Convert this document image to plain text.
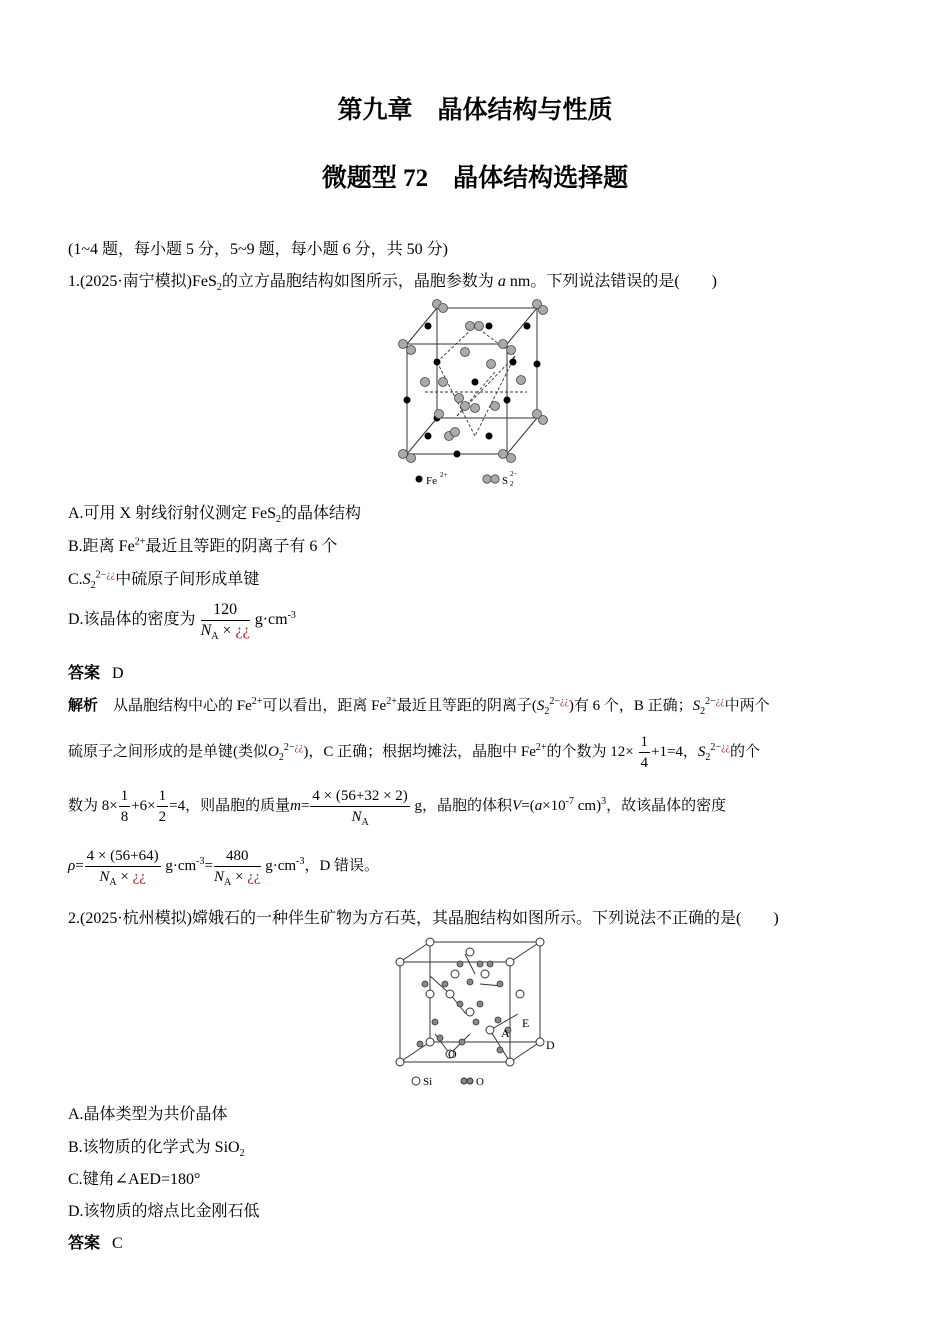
第九章　晶体结构与性质
微题型 72　晶体结构选择题
(1~4 题，每小题 5 分，5~9 题，每小题 6 分，共 50 分)
1.(2025·南宁模拟)FeS$_2$的立方晶胞结构如图所示，晶胞参数为 a nm。下列说法错误的是(　　)
Fe 2+	S
2−
2
A.可用 X 射线衍射仪测定 FeS$_2$的晶体结构
B.距离 $Fe^{2+}$最近且等距的阴离子有 6 个
$C.S_2^{2-¿¿}$中硫原子间形成单键
D.该晶体的密度为 $\frac{120}{N_A \times ¿¿} g\cdot cm^{-3}$
答案 D
解析 从晶胞结构中心的 $Fe^{2+}$可以看出，距离 $Fe^{2+}$最近且等距的阴离子$(S_2^{2-¿¿})$有 6 个，B 正确；$S_2^{2-¿¿}$中两个
硫原子之间形成的是单键(类似$O_2^{2-¿¿}$)，C 正确；根据均摊法，晶胞中 $Fe^{2+}$的个数为 $12\times \frac{1}{4} +1=4$，$S_2^{2-¿¿}$的个
数为 $8\times \frac{1}{8} +6\times \frac{1}{2} =4$，则晶胞的质量$m= \frac{4 \times (56+32 \times 2)}{N_A}$ g，晶胞的体积$V=(a\times 10^{-7}$ cm)$^3$，故该晶体的密度
$\rho= \frac{4 \times (56+64)}{N_A \times ¿¿} g\cdot cm^{-3}= \frac{480}{N_A \times ¿¿} g\cdot cm^{-3}$，D 错误。
2.(2025·杭州模拟)嫦娥石的一种伴生矿物为方石英，其晶胞结构如图所示。下列说法不正确的是(　　)
A
E
O
D
Si	O
A.晶体类型为共价晶体
B.该物质的化学式为 SiO$_2$
C.键角∠AED=180°
D.该物质的熔点比金刚石低
答案 C
